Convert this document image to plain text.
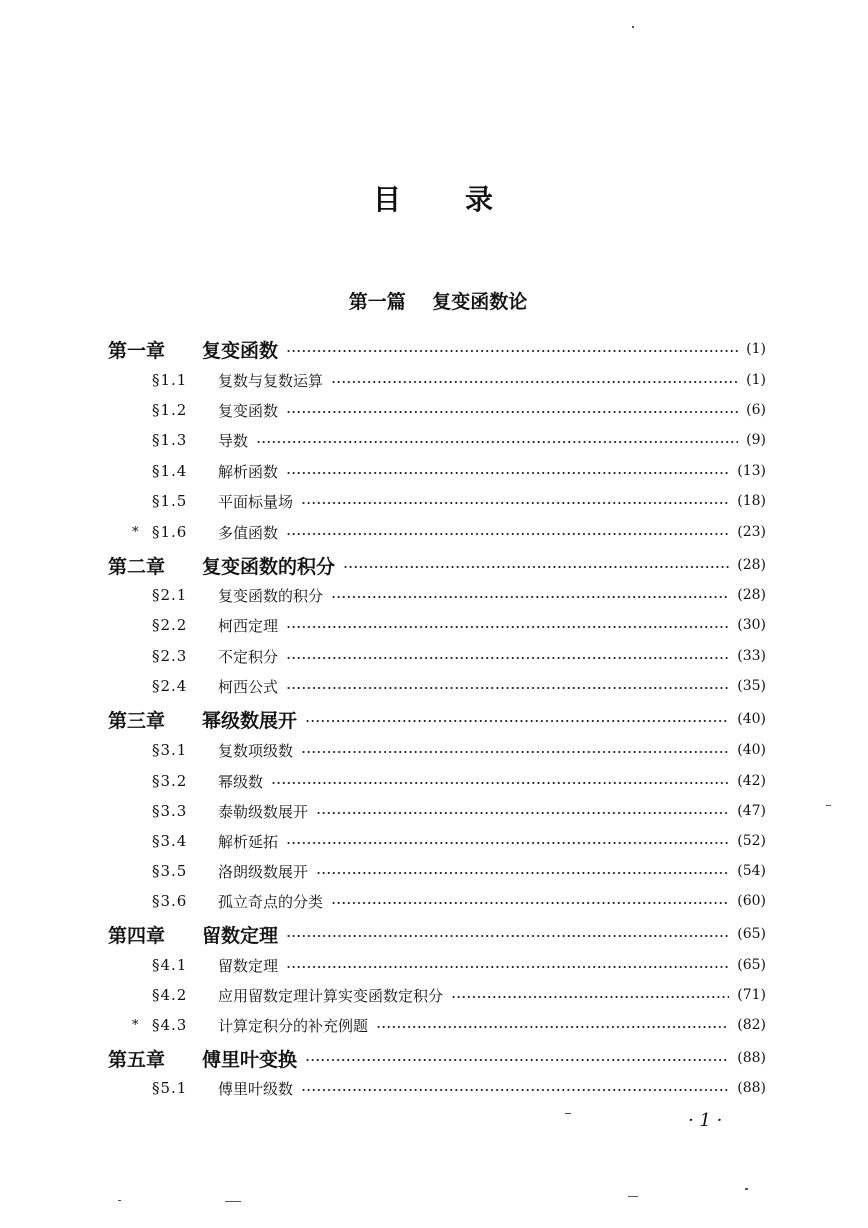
目 录
第一篇    复变函数论
第一章	复变函数	(1)
§1.1	复数与复数运算	(1)
§1.2	复变函数	(6)
§1.3	导数	(9)
§1.4	解析函数	(13)
§1.5	平面标量场	(18)
* §1.6	多值函数	(23)
第二章	复变函数的积分	(28)
§2.1	复变函数的积分	(28)
§2.2	柯西定理	(30)
§2.3	不定积分	(33)
§2.4	柯西公式	(35)
第三章	幂级数展开	(40)
§3.1	复数项级数	(40)
§3.2	幂级数	(42)
§3.3	泰勒级数展开	(47)
§3.4	解析延拓	(52)
§3.5	洛朗级数展开	(54)
§3.6	孤立奇点的分类	(60)
第四章	留数定理	(65)
§4.1	留数定理	(65)
§4.2	应用留数定理计算实变函数定积分	(71)
* §4.3	计算定积分的补充例题	(82)
第五章	傅里叶变换	(88)
§5.1	傅里叶级数	(88)
· 1 ·
